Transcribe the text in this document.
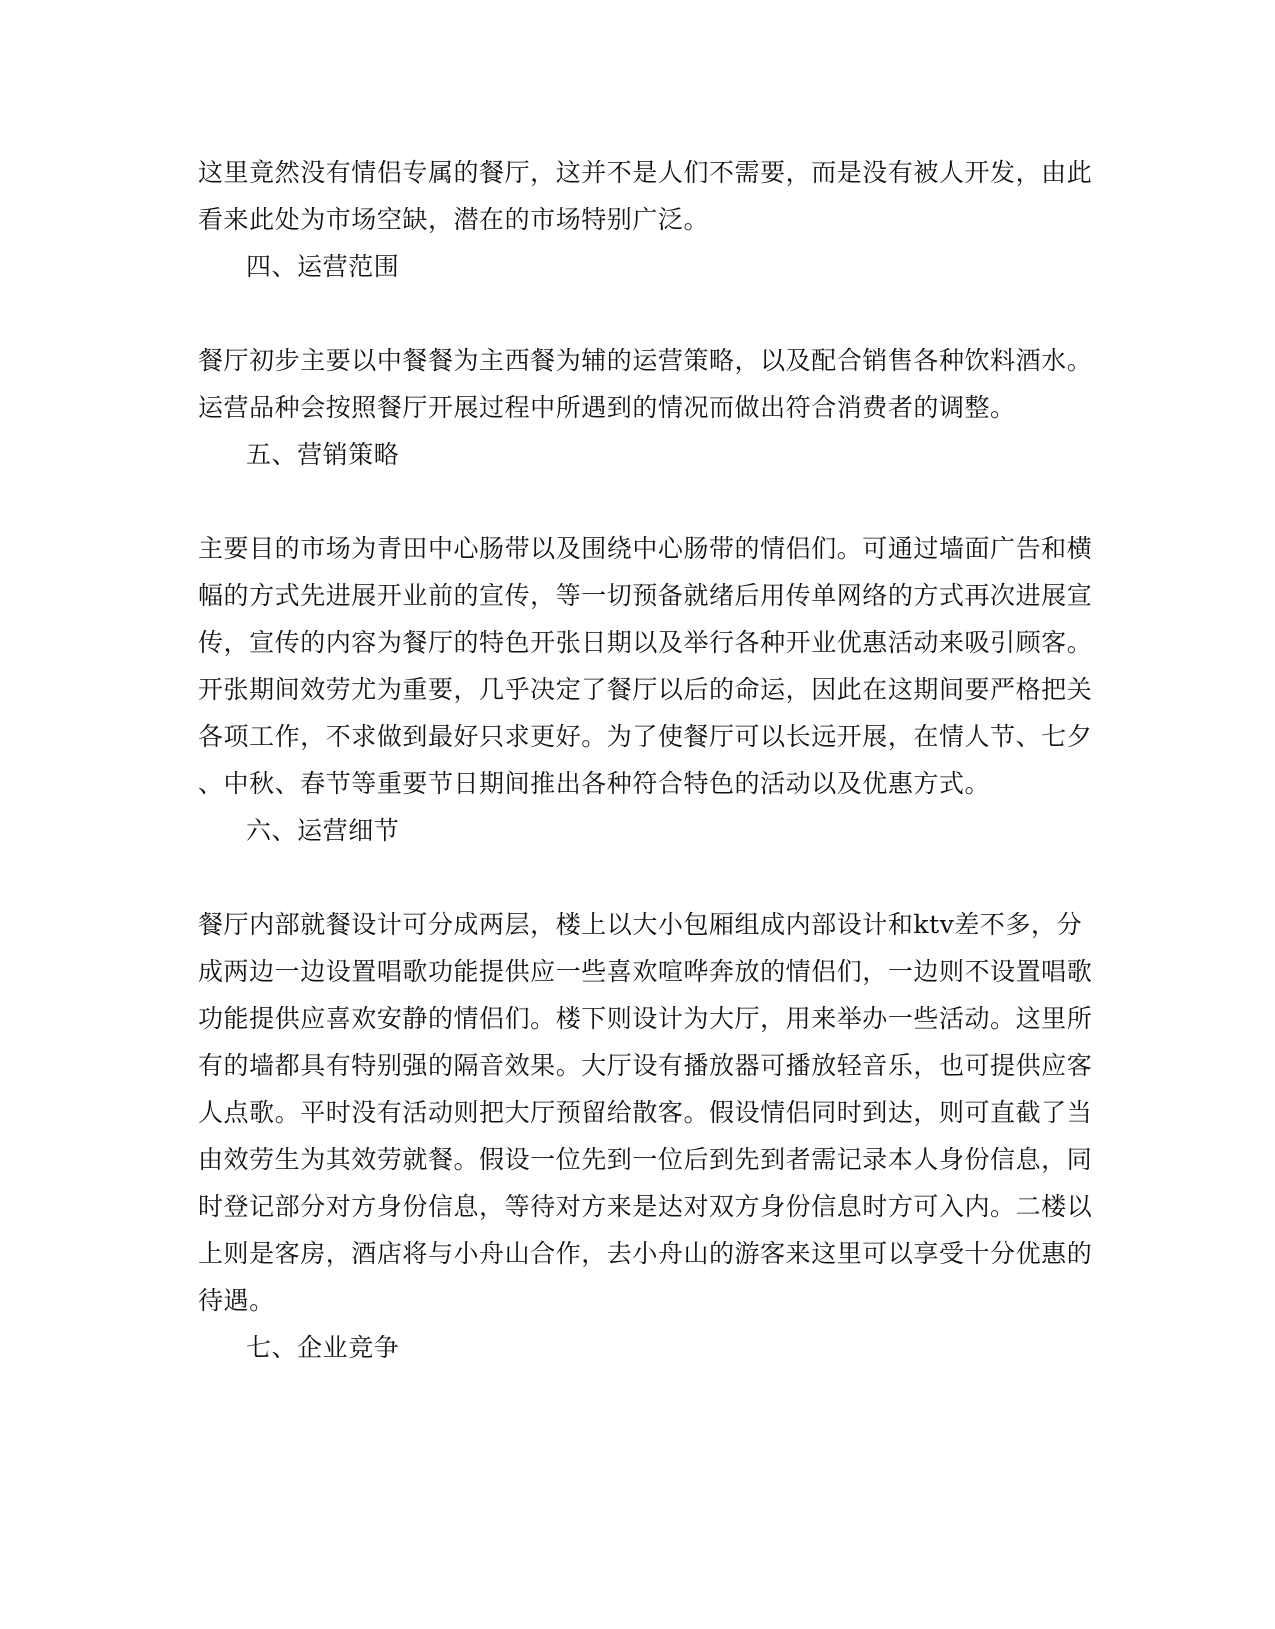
这里竟然没有情侣专属的餐厅，这并不是人们不需要，而是没有被人开发，由此
看来此处为市场空缺，潜在的市场特别广泛。
四、运营范围
餐厅初步主要以中餐餐为主西餐为辅的运营策略，以及配合销售各种饮料酒水。
运营品种会按照餐厅开展过程中所遇到的情况而做出符合消费者的调整。
五、营销策略
主要目的市场为青田中心肠带以及围绕中心肠带的情侣们。可通过墙面广告和横
幅的方式先进展开业前的宣传，等一切预备就绪后用传单网络的方式再次进展宣
传，宣传的内容为餐厅的特色开张日期以及举行各种开业优惠活动来吸引顾客。
开张期间效劳尤为重要，几乎决定了餐厅以后的命运，因此在这期间要严格把关
各项工作，不求做到最好只求更好。为了使餐厅可以长远开展，在情人节、七夕
、中秋、春节等重要节日期间推出各种符合特色的活动以及优惠方式。
六、运营细节
餐厅内部就餐设计可分成两层，楼上以大小包厢组成内部设计和ktv差不多，分
成两边一边设置唱歌功能提供应一些喜欢喧哗奔放的情侣们，一边则不设置唱歌
功能提供应喜欢安静的情侣们。楼下则设计为大厅，用来举办一些活动。这里所
有的墙都具有特别强的隔音效果。大厅设有播放器可播放轻音乐，也可提供应客
人点歌。平时没有活动则把大厅预留给散客。假设情侣同时到达，则可直截了当
由效劳生为其效劳就餐。假设一位先到一位后到先到者需记录本人身份信息，同
时登记部分对方身份信息，等待对方来是达对双方身份信息时方可入内。二楼以
上则是客房，酒店将与小舟山合作，去小舟山的游客来这里可以享受十分优惠的
待遇。
七、企业竞争
